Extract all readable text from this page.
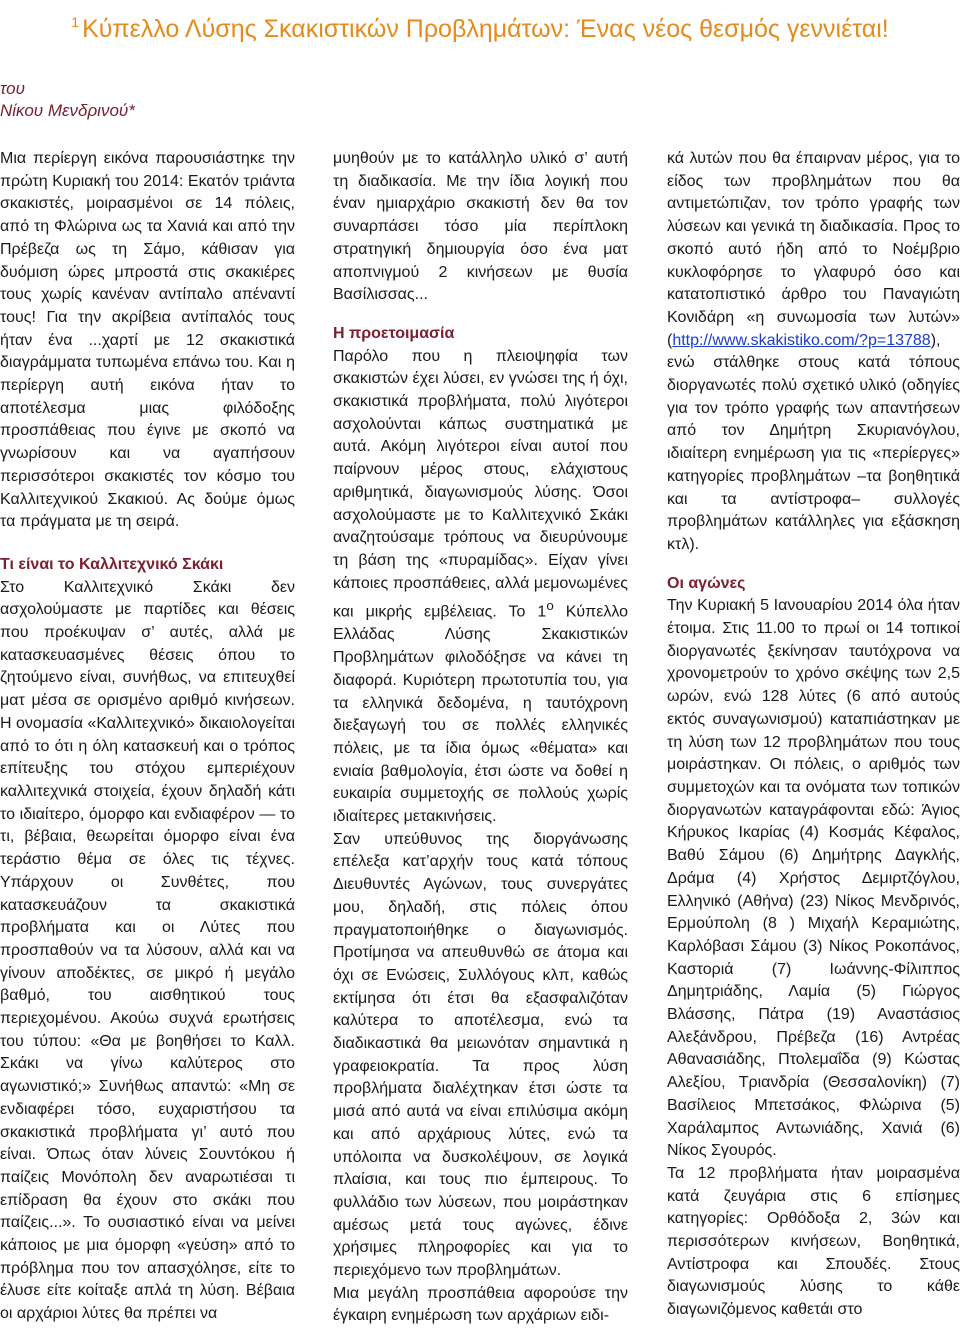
$^1$ Κύπελλο Λύσης Σκακιστικών Προβλημάτων: Ένας νέος θεσμός γεννιέται!
του
Νίκου Μενδρινού*

Μια περίεργη εικόνα παρουσιάστηκε την πρώτη Κυριακή του 2014: Εκατόν τριάντα σκακιστές, μοιρασμένοι σε 14 πόλεις, από τη Φλώρινα ως τα Χανιά και από την Πρέβεζα ως τη Σάμο, κάθισαν για δυόμιση ώρες μπροστά στις σκακιέρες τους χωρίς κανέναν αντίπαλο απέναντί τους! Για την ακρίβεια αντίπαλός τους ήταν ένα ...χαρτί με 12 σκακιστικά διαγράμματα τυπωμένα επάνω του. Και η περίεργη αυτή εικόνα ήταν το αποτέλεσμα μιας φιλόδοξης προσπάθειας που έγινε με σκοπό να γνωρίσουν και να αγαπήσουν περισσότεροι σκακιστές τον κόσμο του Καλλιτεχνικού Σκακιού. Ας δούμε όμως τα πράγματα με τη σειρά.

Τι είναι το Καλλιτεχνικό Σκάκι

Στο Καλλιτεχνικό Σκάκι δεν ασχολούμαστε με παρτίδες και θέσεις που προέκυψαν σ’ αυτές, αλλά με κατασκευασμένες θέσεις όπου το ζητούμενο είναι, συνήθως, να επιτευχθεί ματ μέσα σε ορισμένο αριθμό κινήσεων. Η ονομασία «Καλλιτεχνικό» δικαιολογείται από το ότι η όλη κατασκευή και ο τρόπος επίτευξης του στόχου εμπεριέχουν καλλιτεχνικά στοιχεία, έχουν δηλαδή κάτι το ιδιαίτερο, όμορφο και ενδιαφέρον — το τι, βέβαια, θεωρείται όμορφο είναι ένα τεράστιο θέμα σε όλες τις τέχνες. Υπάρχουν οι Συνθέτες, που κατασκευάζουν τα σκακιστικά προβλήματα και οι Λύτες που προσπαθούν να τα λύσουν, αλλά και να γίνουν αποδέκτες, σε μικρό ή μεγάλο βαθμό, του αισθητικού τους περιεχομένου. Ακούω συχνά ερωτήσεις του τύπου: «Θα με βοηθήσει το Καλλ. Σκάκι να γίνω καλύτερος στο αγωνιστικό;» Συνήθως απαντώ: «Μη σε ενδιαφέρει τόσο, ευχαριστήσου τα σκακιστικά προβλήματα γι’ αυτό που είναι. Όπως όταν λύνεις Σουντόκου ή παίζεις Μονόπολη δεν αναρωτιέσαι τι επίδραση θα έχουν στο σκάκι που παίζεις...». Το ουσιαστικό είναι να μείνει κάποιος με μια όμορφη «γεύση» από το πρόβλημα που τον απασχόλησε, είτε το έλυσε είτε κοίταξε απλά τη λύση. Βέβαια οι αρχάριοι λύτες θα πρέπει να

μυηθούν με το κατάλληλο υλικό σ’ αυτή τη διαδικασία. Με την ίδια λογική που έναν ημιαρχάριο σκακιστή δεν θα τον συναρπάσει τόσο μία περίπλοκη στρατηγική δημιουργία όσο ένα ματ αποπνιγμού 2 κινήσεων με θυσία Βασίλισσας...

Η προετοιμασία

Παρόλο που η πλειοψηφία των σκακιστών έχει λύσει, εν γνώσει της ή όχι, σκακιστικά προβλήματα, πολύ λιγότεροι ασχολούνται κάπως συστηματικά με αυτά. Ακόμη λιγότεροι είναι αυτοί που παίρνουν μέρος στους, ελάχιστους αριθμητικά, διαγωνισμούς λύσης. Όσοι ασχολούμαστε με το Καλλιτεχνικό Σκάκι αναζητούσαμε τρόπους να διευρύνουμε τη βάση της «πυραμίδας». Είχαν γίνει κάποιες προσπάθειες, αλλά μεμονωμένες και μικρής εμβέλειας. Το $1^o$ Κύπελλο Ελλάδας Λύσης Σκακιστικών Προβλημάτων φιλοδόξησε να κάνει τη διαφορά. Κυριότερη πρωτοτυπία του, για τα ελληνικά δεδομένα, η ταυτόχρονη διεξαγωγή του σε πολλές ελληνικές πόλεις, με τα ίδια όμως «θέματα» και ενιαία βαθμολογία, έτσι ώστε να δοθεί η ευκαιρία συμμετοχής σε πολλούς χωρίς ιδιαίτερες μετακινήσεις.

Σαν υπεύθυνος της διοργάνωσης επέλεξα κατ’αρχήν τους κατά τόπους Διευθυντές Αγώνων, τους συνεργάτες μου, δηλαδή, στις πόλεις όπου πραγματοποιήθηκε ο διαγωνισμός. Προτίμησα να απευθυνθώ σε άτομα και όχι σε Ενώσεις, Συλλόγους κλπ, καθώς εκτίμησα ότι έτσι θα εξασφαλιζόταν καλύτερα το αποτέλεσμα, ενώ τα διαδικαστικά θα μειωνόταν σημαντικά η γραφειοκρατία. Τα προς λύση προβλήματα διαλέχτηκαν έτσι ώστε τα μισά από αυτά να είναι επιλύσιμα ακόμη και από αρχάριους λύτες, ενώ τα υπόλοιπα να δυσκολέψουν, σε λογικά πλαίσια, και τους πιο έμπειρους. Το φυλλάδιο των λύσεων, που μοιράστηκαν αμέσως μετά τους αγώνες, έδινε χρήσιμες πληροφορίες και για το περιεχόμενο των προβλημάτων.

Μια μεγάλη προσπάθεια αφορούσε την έγκαιρη ενημέρωση των αρχάριων ειδι-

κά λυτών που θα έπαιρναν μέρος, για το είδος των προβλημάτων που θα αντιμετώπιζαν, τον τρόπο γραφής των λύσεων και γενικά τη διαδικασία. Προς το σκοπό αυτό ήδη από το Νοέμβριο κυκλοφόρησε το γλαφυρό όσο και κατατοπιστικό άρθρο του Παναγιώτη Κονιδάρη «η συνωμοσία των λυτών» (http://www.skakistiko.com/?p=13788), ενώ στάλθηκε στους κατά τόπους διοργανωτές πολύ σχετικό υλικό (οδηγίες για τον τρόπο γραφής των απαντήσεων από τον Δημήτρη Σκυριανόγλου, ιδιαίτερη ενημέρωση για τις «περίεργες» κατηγορίες προβλημάτων –τα βοηθητικά και τα αντίστροφα– συλλογές προβλημάτων κατάλληλες για εξάσκηση κτλ).

Οι αγώνες

Την Κυριακή 5 Ιανουαρίου 2014 όλα ήταν έτοιμα. Στις 11.00 το πρωί οι 14 τοπικοί διοργανωτές ξεκίνησαν ταυτόχρονα να χρονομετρούν το χρόνο σκέψης των 2,5 ωρών, ενώ 128 λύτες (6 από αυτούς εκτός συναγωνισμού) καταπιάστηκαν με τη λύση των 12 προβλημάτων που τους μοιράστηκαν. Οι πόλεις, ο αριθμός των συμμετοχών και τα ονόματα των τοπικών διοργανωτών καταγράφονται εδώ: Άγιος Κήρυκος Ικαρίας (4) Κοσμάς Κέφαλος, Βαθύ Σάμου (6) Δημήτρης Δαγκλής, Δράμα (4) Χρήστος Δεμιρτζόγλου, Ελληνικό (Αθήνα) (23) Νίκος Μενδρινός, Ερμούπολη (8 ) Μιχαήλ Κεραμιώτης, Καρλόβασι Σάμου (3) Νίκος Ροκοπάνος, Καστοριά (7) Ιωάννης-Φίλιππος Δημητριάδης, Λαμία (5) Γιώργος Βλάσσης, Πάτρα (19) Αναστάσιος Αλεξάνδρου, Πρέβεζα (16) Αντρέας Αθανασιάδης, Πτολεμαΐδα (9) Κώστας Αλεξίου, Τριανδρία (Θεσσαλονίκη) (7) Βασίλειος Μπετσάκος, Φλώρινα (5) Χαράλαμπος Αντωνιάδης, Χανιά (6) Νίκος Σγουρός.

Τα 12 προβλήματα ήταν μοιρασμένα κατά ζευγάρια στις 6 επίσημες κατηγορίες: Ορθόδοξα 2, 3ών και περισσότερων κινήσεων, Βοηθητικά, Αντίστροφα και Σπουδές. Στους διαγωνισμούς λύσης το κάθε διαγωνιζόμενος καθετάι στο
